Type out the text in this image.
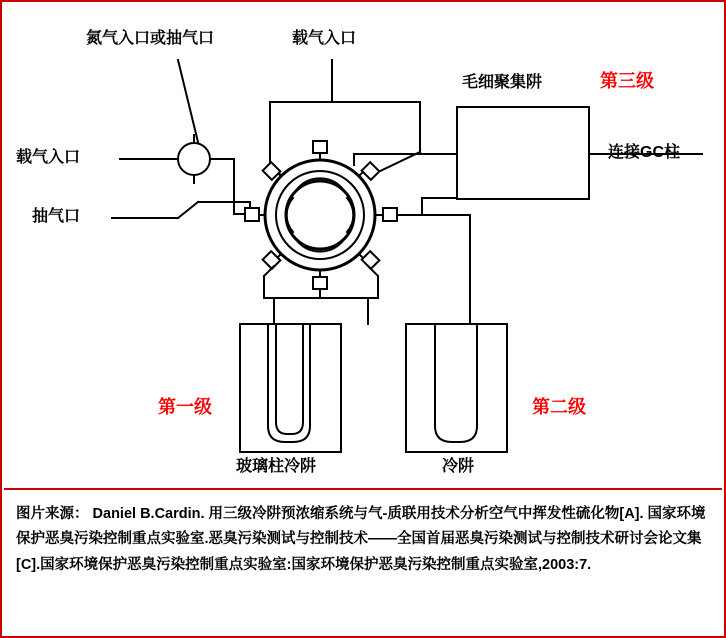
氮气入口或抽气口	载气入口
载气入口
抽气口
毛细聚集阱	第三级
连接GC柱
第一级	第二级
玻璃柱冷阱	冷阱
图片来源： Daniel B.Cardin. 用三级冷阱预浓缩系统与气-质联用技术分析空气中挥发性硫化物[A]. 国家环境保护恶臭污染控制重点实验室.恶臭污染测试与控制技术——全国首届恶臭污染测试与控制技术研讨会论文集[C].国家环境保护恶臭污染控制重点实验室:国家环境保护恶臭污染控制重点实验室,2003:7.
